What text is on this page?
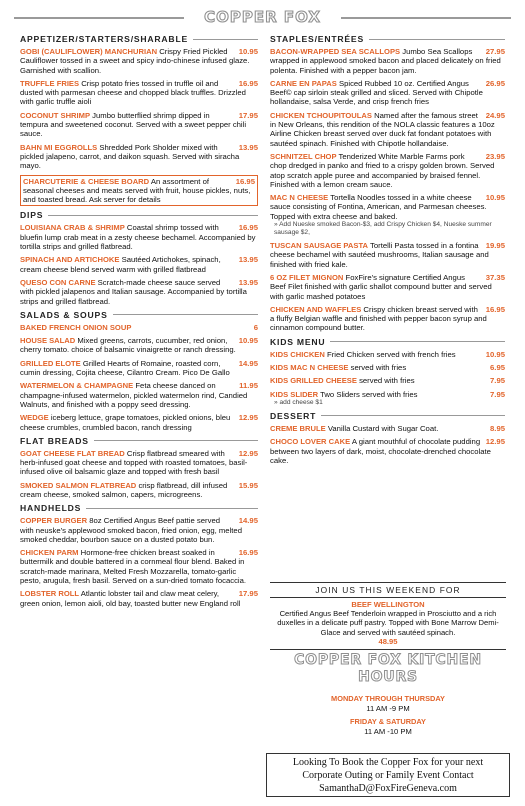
COPPER FOX
APPETIZER/STARTERS/SHARABLE
10.95
GOBI (CAULIFLOWER) MANCHURIAN Crispy Fried Pickled Cauliflower tossed in a sweet and spicy indo-chinese infused glaze. Garnished with scallion.
16.95
TRUFFLE FRIES Crisp potato fries tossed in truffle oil and dusted with parmesan cheese and chopped black truffles. Drizzled with garlic truffle aioli
17.95
COCONUT SHRIMP Jumbo butterflied shrimp dipped in tempura and sweetened coconut. Served with a sweet pepper chili sauce.
13.95
BAHN MI EGGROLLS Shredded Pork Sholder mixed with pickled jalapeno, carrot, and daikon squash. Served with siracha mayo.
16.95
CHARCUTERIE & CHEESE BOARD An assortment of seasonal cheeses and meats served with fruit, house pickles, nuts, and toasted bread. Ask server for details
DIPS
16.95
LOUISIANA CRAB & SHRIMP Coastal shrimp tossed with bluefin lump crab meat in a zesty cheese bechamel. Accompanied by tortilla strips and grilled flatbread.
13.95
SPINACH AND ARTICHOKE Sautéed Artichokes, spinach, cream cheese blend served warm with grilled flatbread
13.95
QUESO CON CARNE Scratch-made cheese sauce served with pickled jalapenos and Italian sausage. Accompanied by tortilla strips and grilled flatbread.
SALADS & SOUPS
6
BAKED FRENCH ONION SOUP
10.95
HOUSE SALAD Mixed greens, carrots, cucumber, red onion, cherry tomato. choice of balsamic vinaigrette or ranch dressing.
14.95
GRILLED ELOTE Grilled Hearts of Romaine, roasted corn, cumin dressing, Cojita cheese, Cilantro Cream. Pico De Gallo
11.95
WATERMELON & CHAMPAGNE Feta cheese danced on champagne-infused watermelon, pickled watermelon rind, Candied Walnuts, and finished with a poppy seed dressing.
12.95
WEDGE iceberg lettuce, grape tomatoes, pickled onions, bleu cheese crumbles, crumbled bacon, ranch dressing
FLAT BREADS
12.95
GOAT CHEESE FLAT BREAD Crisp flatbread smeared with herb-infused goat cheese and topped with roasted tomatoes, basil-infused olive oil balsamic glaze and topped with fresh basil
15.95
SMOKED SALMON FLATBREAD crisp flatbread, dill infused cream cheese, smoked salmon, capers, microgreens.
HANDHELDS
14.95
COPPER BURGER 8oz Certified Angus Beef pattie served with neuske's applewood smoked bacon, fried onion, egg, melted smoked cheddar, bourbon sauce on a dusted potato bun.
16.95
CHICKEN PARM Hormone-free chicken breast soaked in buttermilk and double battered in a cornmeal flour blend. Baked in scratch-made marinara, Melted Fresh Mozzarella, tomato-garlic pesto, arugula, fresh basil. Served on a sun-dried tomato focaccia.
17.95
LOBSTER ROLL Atlantic lobster tail and claw meat celery, green onion, lemon aioli, old bay, toasted butter new England roll
STAPLES/ENTRÉES
27.95
BACON-WRAPPED SEA SCALLOPS Jumbo Sea Scallops wrapped in applewood smoked bacon and placed delicately on fried polenta. Finished with a pepper bacon jam.
26.95
CARNE EN PAPAS Spiced Rubbed 10 oz. Certified Angus Beef© cap sirloin steak grilled and sliced. Served with Chipotle hollandaise, salsa Verde, and crisp french fries
24.95
CHICKEN TCHOUPITOULAS Named after the famous street in New Orleans, this rendition of the NOLA classic features a 10oz Airline Chicken breast served over duck fat fondant potatoes with sautéed spinach. Finished with Chipotle hollandaise.
23.95
SCHNITZEL CHOP Tenderized White Marble Farms pork chop dredged in panko and fried to a crispy golden brown. Served atop scratch apple puree and accompanied by braised fennel. Finished with a lemon cream sauce.
10.95
MAC N CHEESE Tortella Noodles tossed in a white cheese sauce consisting of Fontina, American, and Parmesan cheeses. Topped with extra cheese and baked.
» Add Nueske smoked Bacon-$3, add Crispy Chicken $4, Nueske summer sausage $2,
19.95
TUSCAN SAUSAGE PASTA Tortelli Pasta tossed in a fontina cheese bechamel with sautéed mushrooms, Italian sausage and finished with fried kale.
37.35
6 OZ FILET MIGNON FoxFire's signature Certified Angus Beef Filet finished with garlic shallot compound butter and served with garlic mashed potatoes
16.95
CHICKEN AND WAFFLES Crispy chicken breast served with a fluffy Belgian waffle and finished with pepper bacon syrup and cinnamon compound butter.
KIDS MENU
10.95
KIDS CHICKEN Fried Chicken served with french fries
6.95
KIDS MAC N CHEESE served with fries
7.95
KIDS GRILLED CHEESE served with fries
7.95
KIDS SLIDER Two Sliders served with fries
» add cheese $1
DESSERT
8.95
CREME BRULE Vanilla Custard with Sugar Coat.
12.95
CHOCO LOVER CAKE A giant mouthful of chocolate pudding between two layers of dark, moist, chocolate-drenched chocolate cake.
JOIN US THIS WEEKEND FOR
BEEF WELLINGTON
Certified Angus Beef Tenderloin wrapped in Prosciutto and a rich duxelles in a delicate puff pastry. Topped with Bone Marrow Demi-Glace and served with sautéed spinach.
48.95
COPPER FOX KITCHEN
HOURS
MONDAY THROUGH THURSDAY
11 AM -9 PM
FRIDAY & SATURDAY
11 AM -10 PM
Looking To Book the Copper Fox for your next
Corporate Outing or Family Event Contact
SamanthaD@FoxFireGeneva.com
